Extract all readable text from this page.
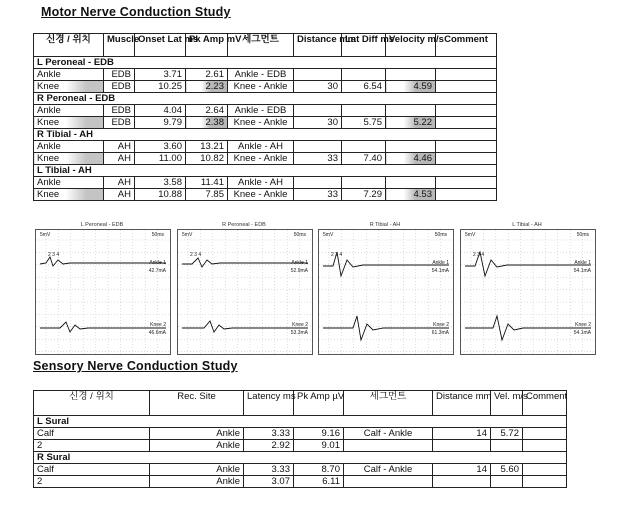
Motor Nerve Conduction Study
신경 / 위치	Muscle	Onset Lat ms	Pk Amp mV	세그먼트	Distance mm	Lat Diff ms	Velocity m/s	Comment
L Peroneal - EDB								
Ankle	EDB	3.71	2.61	Ankle - EDB				
Knee	EDB	10.25	2.23	Knee - Ankle	30	6.54	4.59	
R Peroneal - EDB								
Ankle	EDB	4.04	2.64	Ankle - EDB				
Knee	EDB	9.79	2.38	Knee - Ankle	30	5.75	5.22	
R Tibial - AH								
Ankle	AH	3.60	13.21	Ankle - AH				
Knee	AH	11.00	10.82	Knee - Ankle	33	7.40	4.46	
L Tibial - AH								
Ankle	AH	3.58	11.41	Ankle - AH				
Knee	AH	10.88	7.85	Knee - Ankle	33	7.29	4.53	
L Peroneal - EDB
5mV	50ms
Ankle 1
42.7mA
2 3 4
Knee 2
46.6mA
R Peroneal - EDB
5mV	50ms
Ankle 1
52.9mA
2 3 4
Knee 2
53.3mA
R Tibial - AH
5mV	50ms
Ankle 1
54.1mA
2 3 4
Knee 2
61.3mA
L Tibial - AH
5mV	50ms
Ankle 1
54.1mA
2 3 4
Knee 2
54.1mA
Sensory Nerve Conduction Study
신경 / 위치	Rec. Site	Latency ms	Pk Amp µV	세그먼트	Distance mm	Vel. m/s	Comment
L Sural							
Calf	Ankle	3.33	9.16	Calf - Ankle	14	5.72	
2	Ankle	2.92	9.01				
R Sural							
Calf	Ankle	3.33	8.70	Calf - Ankle	14	5.60	
2	Ankle	3.07	6.11				
